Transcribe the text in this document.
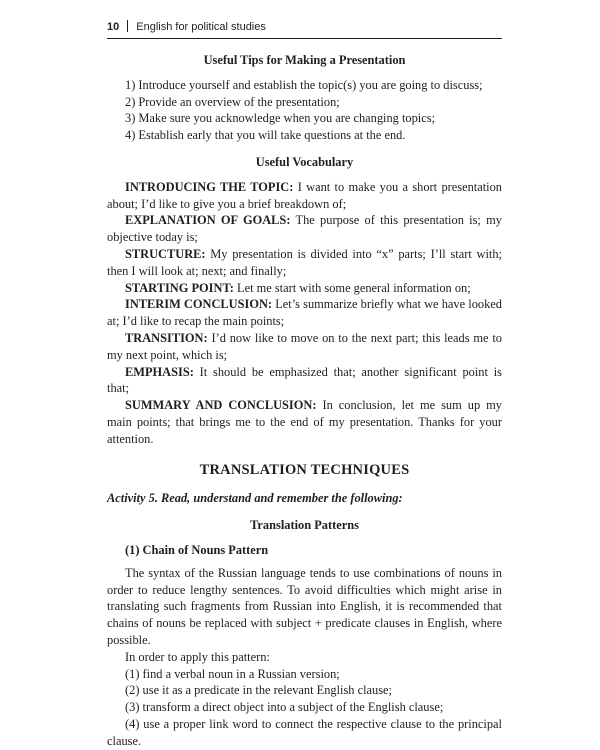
10 English for political studies
Useful Tips for Making a Presentation
1) Introduce yourself and establish the topic(s) you are going to discuss;
2) Provide an overview of the presentation;
3) Make sure you acknowledge when you are changing topics;
4) Establish early that you will take questions at the end.
Useful Vocabulary

INTRODUCING THE TOPIC: I want to make you a short presentation about; I’d like to give you a brief breakdown of;

EXPLANATION OF GOALS: The purpose of this presentation is; my objective today is;

STRUCTURE: My presentation is divided into “x” parts; I’ll start with; then I will look at; next; and finally;

STARTING POINT: Let me start with some general information on;

INTERIM CONCLUSION: Let’s summarize briefly what we have looked at; I’d like to recap the main points;

TRANSITION: I’d now like to move on to the next part; this leads me to my next point, which is;

EMPHASIS: It should be emphasized that; another significant point is that;

SUMMARY AND CONCLUSION: In conclusion, let me sum up my main points; that brings me to the end of my presentation. Thanks for your attention.

TRANSLATION TECHNIQUES
Activity 5. Read, understand and remember the following:
Translation Patterns
(1) Chain of Nouns Pattern

The syntax of the Russian language tends to use combinations of nouns in order to reduce lengthy sentences. To avoid difficulties which might arise in translating such fragments from Russian into English, it is recommended that chains of nouns be replaced with subject + predicate clauses in English, where possible.

In order to apply this pattern:

(1) find a verbal noun in a Russian version;
(2) use it as a predicate in the relevant English clause;
(3) transform a direct object into a subject of the English clause;
(4) use a proper link word to connect the respective clause to the principal clause.
